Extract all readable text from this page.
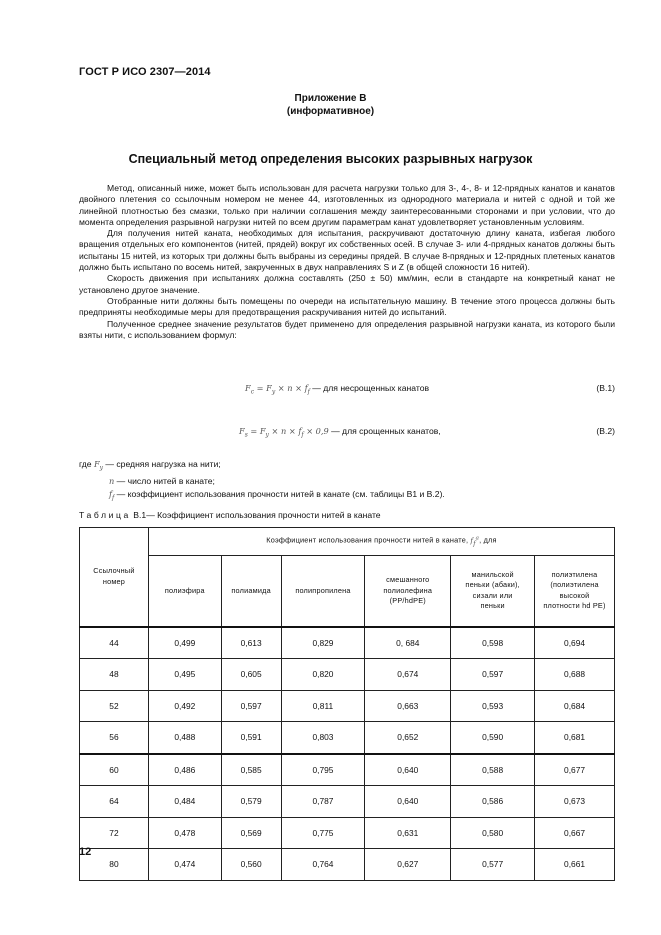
ГОСТ Р ИСО 2307—2014
Приложение В
(информативное)
Специальный метод определения высоких разрывных нагрузок

Метод, описанный ниже, может быть использован для расчета нагрузки только для 3-, 4-, 8- и 12-прядных канатов и канатов двойного плетения со ссылочным номером не менее 44, изготовленных из однородного материала и нитей с одной и той же линейной плотностью без смазки, только при наличии соглашения между заинтересованными сторонами и при условии, что до момента определения разрывной нагрузки нитей по всем другим параметрам канат удовлетворяет установленным условиям.

Для получения нитей каната, необходимых для испытания, раскручивают достаточную длину каната, избегая любого вращения отдельных его компонентов (нитей, прядей) вокруг их собственных осей. В случае 3- или 4-прядных канатов должны быть испытаны 15 нитей, из которых три должны быть выбраны из середины прядей. В случае 8-прядных и 12-прядных плетеных канатов должно быть испытано по восемь нитей, закрученных в двух направлениях S и Z (в общей сложности 16 нитей).

Скорость движения при испытаниях должна составлять (250 ± 50) мм/мин, если в стандарте на конкретный канат не установлено другое значение.

Отобранные нити должны быть помещены по очереди на испытательную машину. В течение этого процесса должны быть предприняты необходимые меры для предотвращения раскручивания нитей до испытаний.

Полученное среднее значение результатов будет применено для определения разрывной нагрузки каната, из которого были взяты нити, с использованием формул:

$F_c = F_y \times n \times f_f$ — для несрощенных канатов	(В.1)
$F_s = F_y \times n \times f_f \times 0,9$ — для срощенных канатов,	(В.2)
где $F_y$ — средняя нагрузка на нити;
n — число нитей в канате;
$f_f$ — коэффициент использования прочности нитей в канате (см. таблицы В1 и В.2).
Таблица В.1— Коэффициент использования прочности нитей в канате
Ссылочный номер	Коэффициент использования прочности нитей в канате, $f_f^a$, для					
	полиэфира	полиамида	полипропилена	смешанного полиолефина (PP/hdPE)	манильской пеньки (абаки), сизали или пеньки	полиэтилена (полиэтилена высокой плотности hd PE)
44	0,499	0,613	0,829	0, 684	0,598	0,694
48	0,495	0,605	0,820	0,674	0,597	0,688
52	0,492	0,597	0,811	0,663	0,593	0,684
56	0,488	0,591	0,803	0,652	0,590	0,681
60	0,486	0,585	0,795	0,640	0,588	0,677
64	0,484	0,579	0,787	0,640	0,586	0,673
72	0,478	0,569	0,775	0,631	0,580	0,667
80	0,474	0,560	0,764	0,627	0,577	0,661
12
